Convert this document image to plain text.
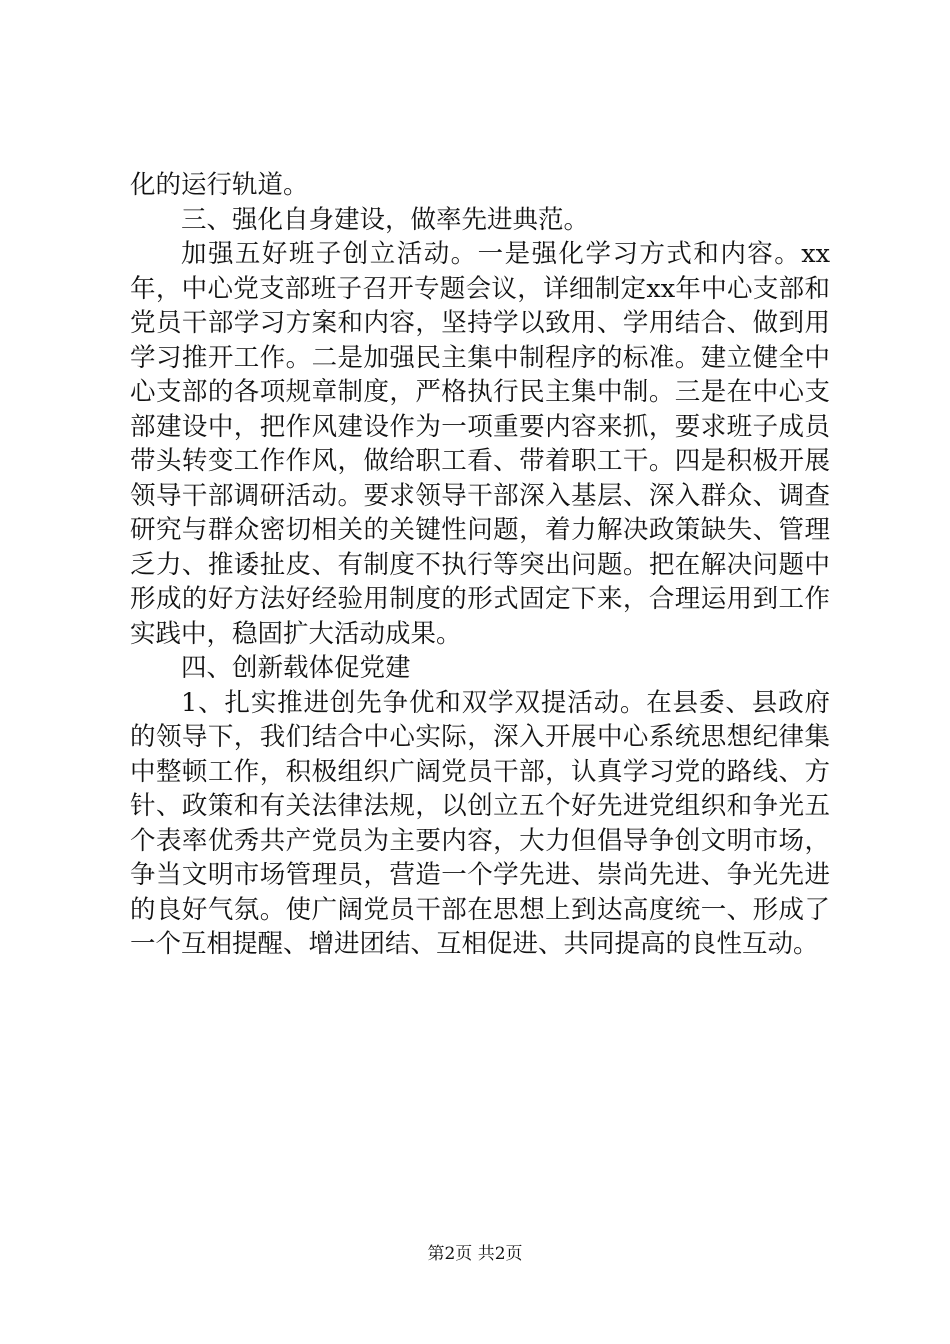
化的运行轨道。

三、强化自身建设，做率先进典范。

加强五好班子创立活动。一是强化学习方式和内容。xx年，中心党支部班子召开专题会议，详细制定xx年中心支部和党员干部学习方案和内容，坚持学以致用、学用结合、做到用学习推开工作。二是加强民主集中制程序的标准。建立健全中心支部的各项规章制度，严格执行民主集中制。三是在中心支部建设中，把作风建设作为一项重要内容来抓，要求班子成员带头转变工作作风，做给职工看、带着职工干。四是积极开展领导干部调研活动。要求领导干部深入基层、深入群众、调查研究与群众密切相关的关键性问题，着力解决政策缺失、管理乏力、推诿扯皮、有制度不执行等突出问题。把在解决问题中形成的好方法好经验用制度的形式固定下来，合理运用到工作实践中，稳固扩大活动成果。

四、创新载体促党建

1、扎实推进创先争优和双学双提活动。在县委、县政府的领导下，我们结合中心实际，深入开展中心系统思想纪律集中整顿工作，积极组织广阔党员干部，认真学习党的路线、方针、政策和有关法律法规，以创立五个好先进党组织和争光五个表率优秀共产党员为主要内容，大力但倡导争创文明市场，争当文明市场管理员，营造一个学先进、崇尚先进、争光先进的良好气氛。使广阔党员干部在思想上到达高度统一、形成了一个互相提醒、增进团结、互相促进、共同提高的良性互动。

第2页 共2页
